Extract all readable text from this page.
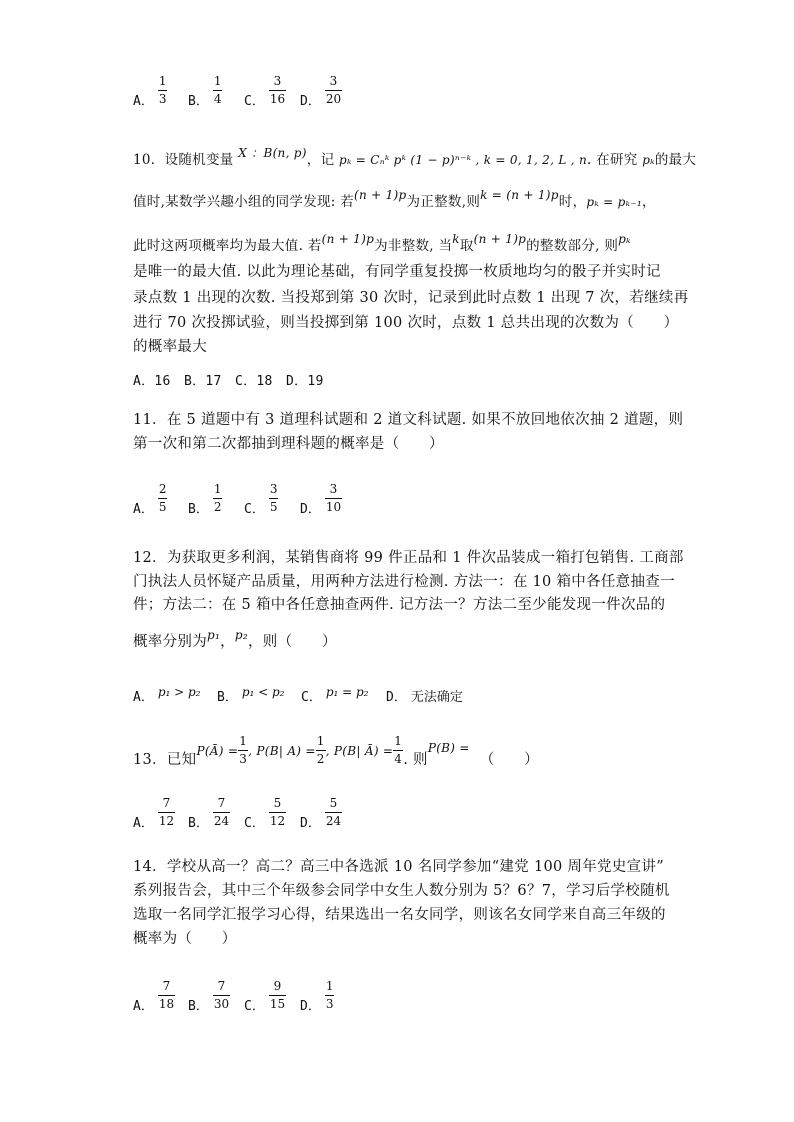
A． $\frac{1}{3}$ B． $\frac{1}{4}$ C． $\frac{3}{16}$ D． $\frac{3}{20}$
10．设随机变量 X ：B(n, p)，记 pₖ = Cₙᵏ pᵏ (1 − p)ⁿ⁻ᵏ , k = 0, 1, 2, L , n. 在研究 pₖ的最大
值时,某数学兴趣小组的同学发现: 若(n + 1)p为正整数,则k = (n + 1)p时，pₖ = pₖ₋₁，
此时这两项概率均为最大值. 若(n + 1)p为非整数, 当k取(n + 1)p的整数部分, 则pₖ
是唯一的最大值. 以此为理论基础，有同学重复投掷一枚质地均匀的骰子并实时记
录点数 1 出现的次数. 当投郑到第 30 次时，记录到此时点数 1 出现 7 次，若继续再
进行 70 次投掷试验，则当投掷到第 100 次时，点数 1 总共出现的次数为（　　）
的概率最大
A．16　B．17　C．18　D．19
11．在 5 道题中有 3 道理科试题和 2 道文科试题. 如果不放回地依次抽 2 道题，则
第一次和第二次都抽到理科题的概率是（　　）
A． $\frac{2}{5}$ B． $\frac{1}{2}$ C． $\frac{3}{5}$ D． $\frac{3}{10}$
12．为获取更多利润，某销售商将 99 件正品和 1 件次品装成一箱打包销售. 工商部
门执法人员怀疑产品质量，用两种方法进行检测. 方法一：在 10 箱中各任意抽查一
件；方法二：在 5 箱中各任意抽查两件. 记方法一？方法二至少能发现一件次品的
概率分别为$^{p_1}$，$^{p_2}$，则（　　）
A． p₁ > p₂ B． p₁ < p₂ C． p₁ = p₂ D． 无法确定
13．已知
P(Ā) = $\frac{1}{3}$ , P(B| $A) = \frac{1}{2}$ , P(B| Ā) = $\frac{1}{4}$ . 则
P(B) =
（　　）
A． $\frac{7}{12}$ B． $\frac{7}{24}$ C． $\frac{5}{12}$ D． $\frac{5}{24}$
14．学校从高一？高二？高三中各选派 10 名同学参加“建党 100 周年党史宣讲”
系列报告会，其中三个年级参会同学中女生人数分别为 5？6？7，学习后学校随机
选取一名同学汇报学习心得，结果选出一名女同学，则该名女同学来自高三年级的
概率为（　　）
A． $\frac{7}{18}$ B． $\frac{7}{30}$ C． $\frac{9}{15}$ D． $\frac{1}{3}$
